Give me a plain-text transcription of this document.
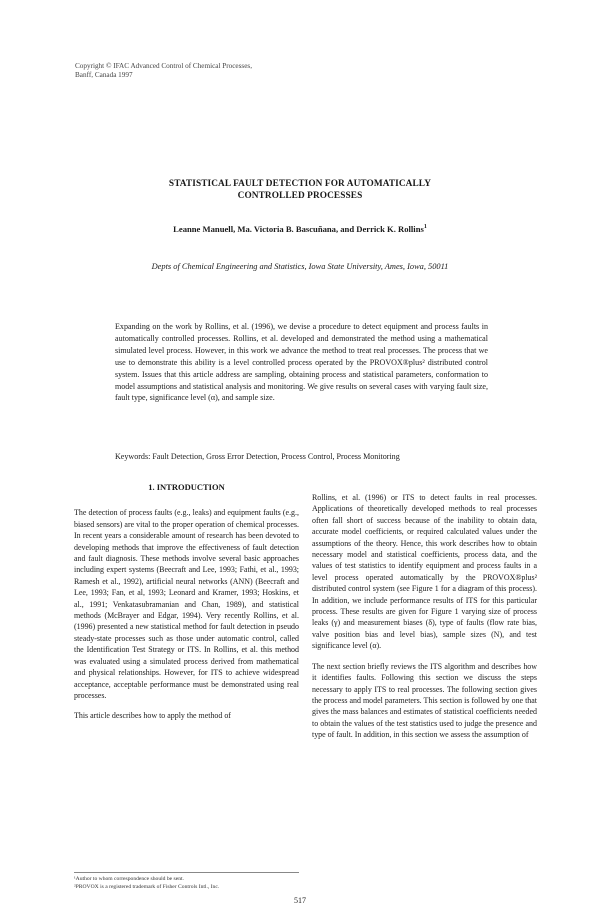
Copyright © IFAC Advanced Control of Chemical Processes,
Banff, Canada 1997
STATISTICAL FAULT DETECTION FOR AUTOMATICALLY
CONTROLLED PROCESSES
Leanne Manuell, Ma. Victoria B. Bascuñana, and Derrick K. Rollins$^1$
Depts of Chemical Engineering and Statistics, Iowa State University, Ames, Iowa, 50011

Expanding on the work by Rollins, et al. (1996), we devise a procedure to detect equipment and process faults in automatically controlled processes. Rollins, et al. developed and demonstrated the method using a mathematical simulated level process. However, in this work we advance the method to treat real processes. The process that we use to demonstrate this ability is a level controlled process operated by the PROVOX®plus² distributed control system. Issues that this article address are sampling, obtaining process and statistical parameters, conformation to model assumptions and statistical analysis and monitoring. We give results on several cases with varying fault size, fault type, significance level (α), and sample size.

Keywords: Fault Detection, Gross Error Detection, Process Control, Process Monitoring
1. INTRODUCTION

The detection of process faults (e.g., leaks) and equipment faults (e.g., biased sensors) are vital to the proper operation of chemical processes. In recent years a considerable amount of research has been devoted to developing methods that improve the effectiveness of fault detection and fault diagnosis. These methods involve several basic approaches including expert systems (Beecraft and Lee, 1993; Fathi, et al., 1993; Ramesh et al., 1992), artificial neural networks (ANN) (Beecraft and Lee, 1993; Fan, et al, 1993; Leonard and Kramer, 1993; Hoskins, et al., 1991; Venkatasubramanian and Chan, 1989), and statistical methods (McBrayer and Edgar, 1994). Very recently Rollins, et al. (1996) presented a new statistical method for fault detection in pseudo steady-state processes such as those under automatic control, called the Identification Test Strategy or ITS. In Rollins, et al. this method was evaluated using a simulated process derived from mathematical and physical relationships. However, for ITS to achieve widespread acceptance, acceptable performance must be demonstrated using real processes.

This article describes how to apply the method of

Rollins, et al. (1996) or ITS to detect faults in real processes. Applications of theoretically developed methods to real processes often fall short of success because of the inability to obtain data, accurate model coefficients, or required calculated values under the assumptions of the theory. Hence, this work describes how to obtain necessary model and statistical coefficients, process data, and the values of test statistics to identify equipment and process faults in a level process operated automatically by the PROVOX®plus² distributed control system (see Figure 1 for a diagram of this process). In addition, we include performance results of ITS for this particular process. These results are given for Figure 1 varying size of process leaks (γ) and measurement biases (δ), type of faults (flow rate bias, valve position bias and level bias), sample sizes (N), and test significance level (α).

The next section briefly reviews the ITS algorithm and describes how it identifies faults. Following this section we discuss the steps necessary to apply ITS to real processes. The following section gives the process and model parameters. This section is followed by one that gives the mass balances and estimates of statistical coefficients needed to obtain the values of the test statistics used to judge the presence and type of fault. In addition, in this section we assess the assumption of

¹Author to whom correspondence should be sent.
²PROVOX is a registered trademark of Fisher Controls Intl., Inc.
517
